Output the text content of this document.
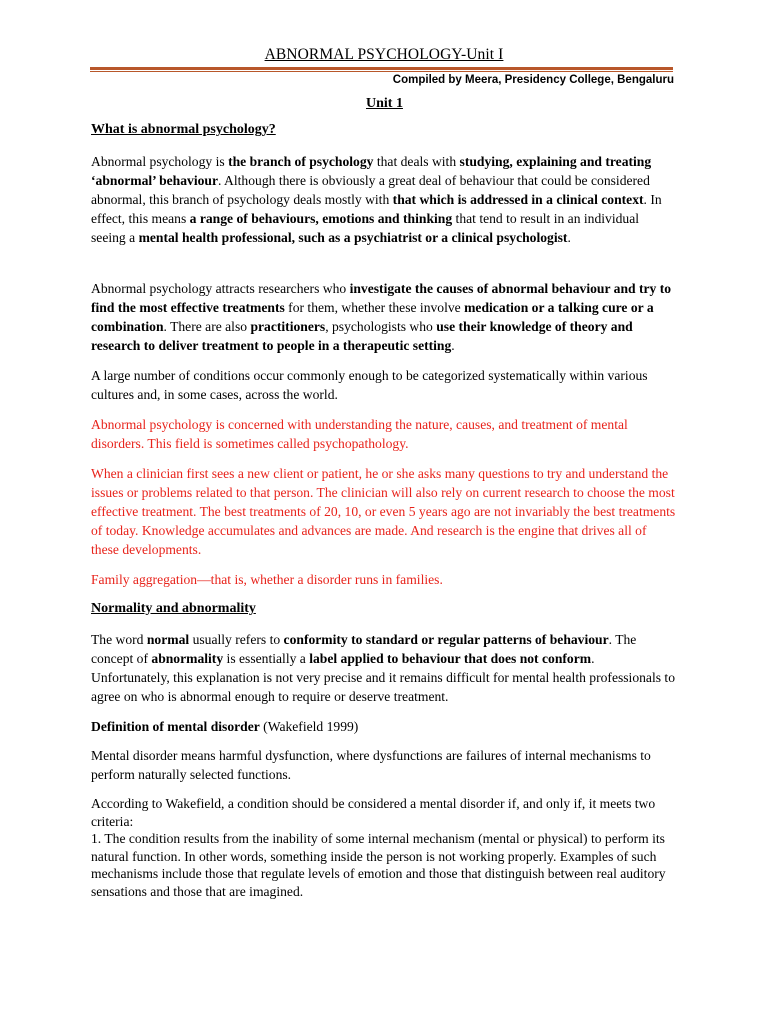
ABNORMAL PSYCHOLOGY-Unit I
Compiled by Meera, Presidency College, Bengaluru
Unit 1
What is abnormal psychology?
Abnormal psychology is the branch of psychology that deals with studying, explaining and treating ‘abnormal’ behaviour. Although there is obviously a great deal of behaviour that could be considered abnormal, this branch of psychology deals mostly with that which is addressed in a clinical context. In effect, this means a range of behaviours, emotions and thinking that tend to result in an individual seeing a mental health professional, such as a psychiatrist or a clinical psychologist.
Abnormal psychology attracts researchers who investigate the causes of abnormal behaviour and try to find the most effective treatments for them, whether these involve medication or a talking cure or a combination. There are also practitioners, psychologists who use their knowledge of theory and research to deliver treatment to people in a therapeutic setting.
A large number of conditions occur commonly enough to be categorized systematically within various cultures and, in some cases, across the world.
Abnormal psychology is concerned with understanding the nature, causes, and treatment of mental disorders. This field is sometimes called psychopathology.
When a clinician first sees a new client or patient, he or she asks many questions to try and understand the issues or problems related to that person. The clinician will also rely on current research to choose the most effective treatment. The best treatments of 20, 10, or even 5 years ago are not invariably the best treatments of today. Knowledge accumulates and advances are made. And research is the engine that drives all of these developments.
Family aggregation—that is, whether a disorder runs in families.
Normality and abnormality
The word normal usually refers to conformity to standard or regular patterns of behaviour. The concept of abnormality is essentially a label applied to behaviour that does not conform. Unfortunately, this explanation is not very precise and it remains difficult for mental health professionals to agree on who is abnormal enough to require or deserve treatment.
Definition of mental disorder (Wakefield 1999)
Mental disorder means harmful dysfunction, where dysfunctions are failures of internal mechanisms to perform naturally selected functions.
According to Wakefield, a condition should be considered a mental disorder if, and only if, it meets two criteria:
1. The condition results from the inability of some internal mechanism (mental or physical) to perform its natural function. In other words, something inside the person is not working properly. Examples of such mechanisms include those that regulate levels of emotion and those that distinguish between real auditory sensations and those that are imagined.
